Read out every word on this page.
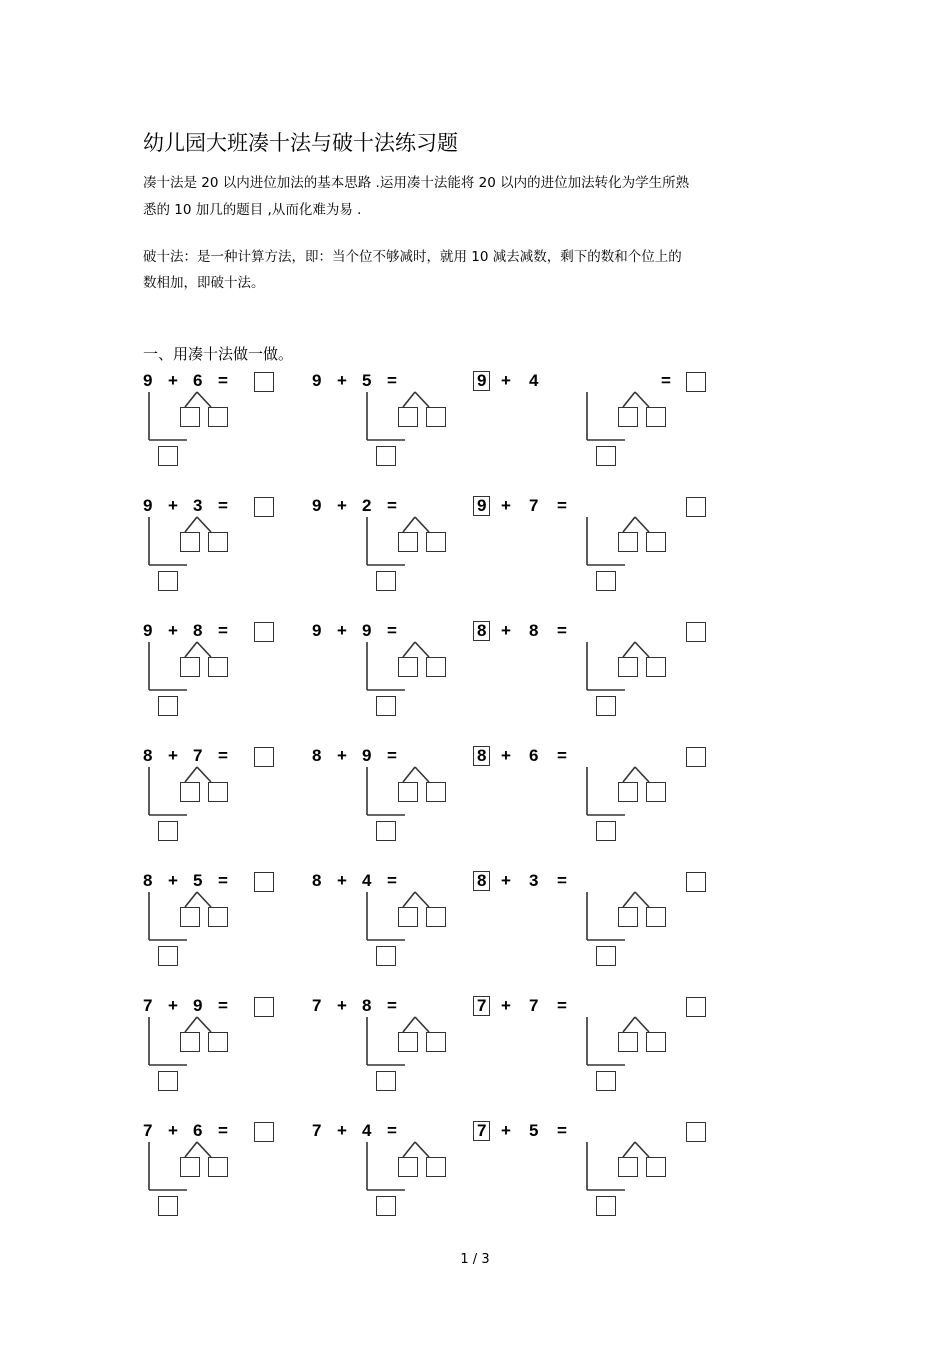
幼儿园大班凑十法与破十法练习题
凑十法是 20 以内进位加法的基本思路 .运用凑十法能将 20 以内的进位加法转化为学生所熟
悉的 10 加几的题目 ,从而化难为易 .
破十法：是一种计算方法，即：当个位不够减时，就用 10 减去减数，剩下的数和个位上的
数相加，即破十法。
一、用凑十法做一做。
9 + 6 =	9 + 5 =	9 + 4	=
9 + 3 =	9 + 2 =	9 + 7 =
9 + 8 =	9 + 9 =	8 + 8 =
8 + 7 =	8 + 9 =	8 + 6 =
8 + 5 =	8 + 4 =	8 + 3 =
7 + 9 =	7 + 8 =	7 + 7 =
7 + 6 =	7 + 4 =	7 + 5 =
1 / 3
